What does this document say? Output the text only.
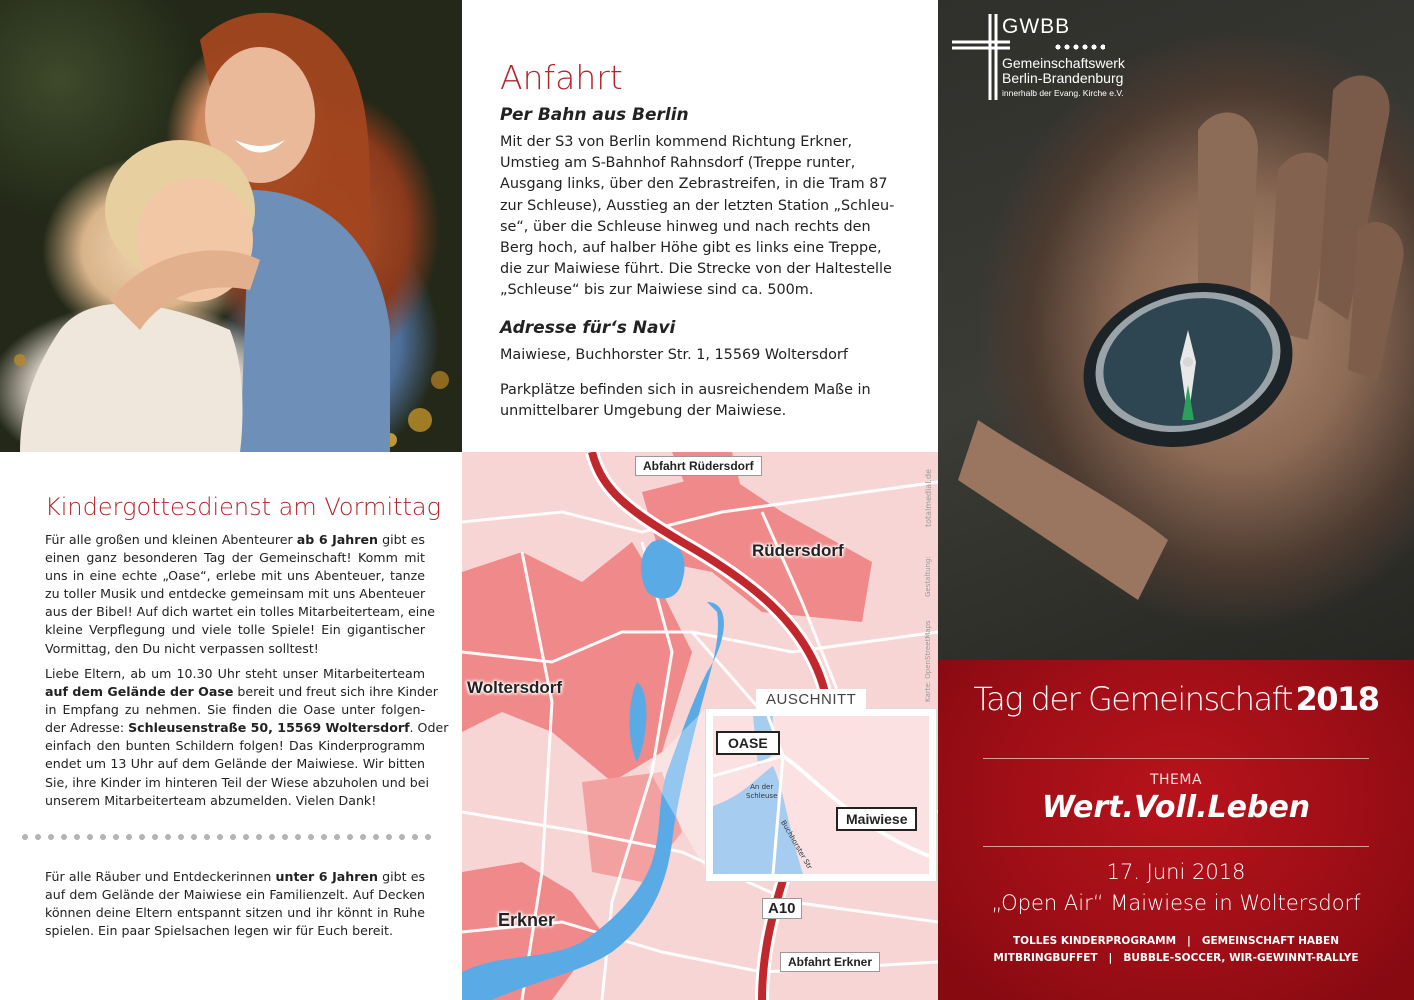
Anfahrt
Per Bahn aus Berlin
Mit der S3 von Berlin kommend Richtung Erkner,
Umstieg am S-Bahnhof Rahnsdorf (Treppe runter,
Ausgang links, über den Zebrastreifen, in die Tram 87
zur Schleuse), Ausstieg an der letzten Station „Schleu-
se“, über die Schleuse hinweg und nach rechts den
Berg hoch, auf halber Höhe gibt es links eine Treppe,
die zur Maiwiese führt. Die Strecke von der Haltestelle
„Schleuse“ bis zur Maiwiese sind ca. 500m.
Adresse für‘s Navi
Maiwiese, Buchhorster Str. 1, 15569 Woltersdorf
Parkplätze befinden sich in ausreichendem Maße in
unmittelbarer Umgebung der Maiwiese.
Kindergottesdienst am Vormittag
Für alle großen und kleinen Abenteurer ab 6 Jahren gibt es
einen ganz besonderen Tag der Gemeinschaft! Komm mit
uns in eine echte „Oase“, erlebe mit uns Abenteuer, tanze
zu toller Musik und entdecke gemeinsam mit uns Abenteuer
aus der Bibel! Auf dich wartet ein tolles Mitarbeiterteam, eine
kleine Verpflegung und viele tolle Spiele! Ein gigantischer
Vormittag, den Du nicht verpassen solltest!
Liebe Eltern, ab um 10.30 Uhr steht unser Mitarbeiterteam
auf dem Gelände der Oase bereit und freut sich ihre Kinder
in Empfang zu nehmen. Sie finden die Oase unter folgen-
der Adresse: Schleusenstraße 50, 15569 Woltersdorf. Oder
einfach den bunten Schildern folgen! Das Kinderprogramm
endet um 13 Uhr auf dem Gelände der Maiwiese. Wir bitten
Sie, ihre Kinder im hinteren Teil der Wiese abzuholen und bei
unserem Mitarbeiterteam abzumelden. Vielen Dank!
Für alle Räuber und Entdeckerinnen unter 6 Jahren gibt es
auf dem Gelände der Maiwiese ein Familienzelt. Auf Decken
können deine Eltern entspannt sitzen und ihr könnt in Ruhe
spielen. Ein paar Spielsachen legen wir für Euch bereit.
Abfahrt Rüdersdorf
Rüdersdorf
Woltersdorf
Erkner
A10
Abfahrt Erkner
Karte: OpenStreetMaps
Gestaltung:
totalmedial.de
AUSCHNITT
OASE
An der
Schleuse
Buchhorster Str	Maiwiese
GWBB
Gemeinschaftswerk
Berlin-Brandenburg
innerhalb der Evang. Kirche e.V.
Tag der Gemeinschaft 2018
THEMA
Wert.Voll.Leben
17. Juni 2018
„Open Air“ Maiwiese in Woltersdorf
TOLLES KINDERPROGRAMM   |   GEMEINSCHAFT HABEN
MITBRINGBUFFET   |   BUBBLE-SOCCER, WIR-GEWINNT-RALLYE
